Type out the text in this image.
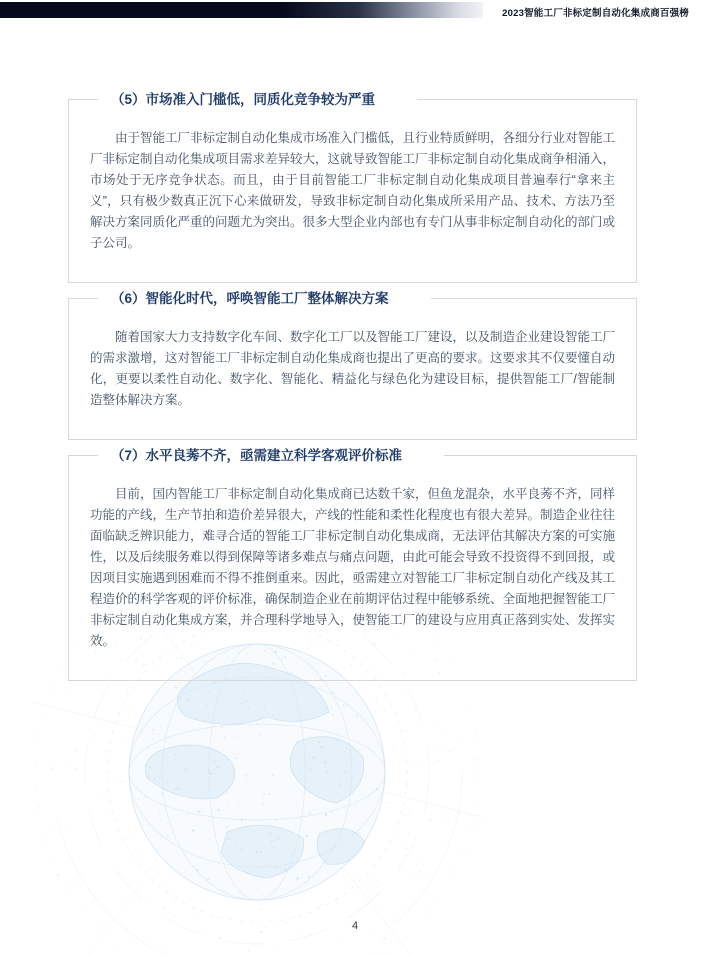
2023智能工厂非标定制自动化集成商百强榜
（5）市场准入门槛低，同质化竞争较为严重

由于智能工厂非标定制自动化集成市场准入门槛低，且行业特质鲜明，各细分行业对智能工厂非标定制自动化集成项目需求差异较大，这就导致智能工厂非标定制自动化集成商争相涌入，市场处于无序竞争状态。而且，由于目前智能工厂非标定制自动化集成项目普遍奉行“拿来主义”，只有极少数真正沉下心来做研发，导致非标定制自动化集成所采用产品、技术、方法乃至解决方案同质化严重的问题尤为突出。很多大型企业内部也有专门从事非标定制自动化的部门或子公司。

（6）智能化时代，呼唤智能工厂整体解决方案

随着国家大力支持数字化车间、数字化工厂以及智能工厂建设，以及制造企业建设智能工厂的需求激增，这对智能工厂非标定制自动化集成商也提出了更高的要求。这要求其不仅要懂自动化，更要以柔性自动化、数字化、智能化、精益化与绿色化为建设目标，提供智能工厂/智能制造整体解决方案。

（7）水平良莠不齐，亟需建立科学客观评价标准

目前，国内智能工厂非标定制自动化集成商已达数千家，但鱼龙混杂，水平良莠不齐，同样功能的产线，生产节拍和造价差异很大，产线的性能和柔性化程度也有很大差异。制造企业往往面临缺乏辨识能力，难寻合适的智能工厂非标定制自动化集成商，无法评估其解决方案的可实施性，以及后续服务难以得到保障等诸多难点与痛点问题，由此可能会导致不投资得不到回报，或因项目实施遇到困难而不得不推倒重来。因此，亟需建立对智能工厂非标定制自动化产线及其工程造价的科学客观的评价标准，确保制造企业在前期评估过程中能够系统、全面地把握智能工厂非标定制自动化集成方案，并合理科学地导入，使智能工厂的建设与应用真正落到实处、发挥实效。

4
